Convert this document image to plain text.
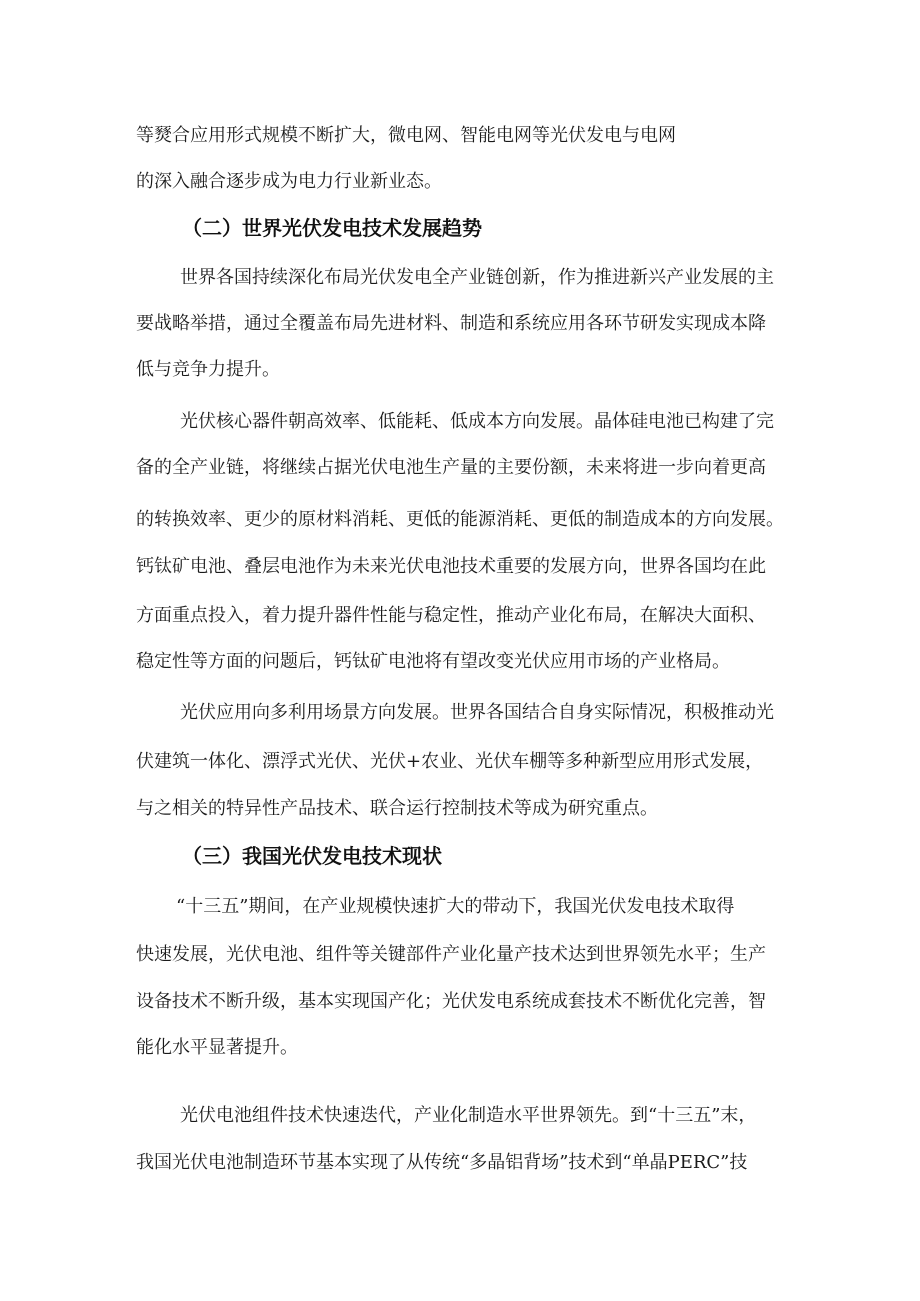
等燹合应用形式规模不断扩大，微电网、智能电网等光伏发电与电网
的深入融合逐步成为电力行业新业态。
（二）世界光伏发电技术发展趋势
世界各国持续深化布局光伏发电全产业链创新，作为推进新兴产业发展的主
要战略举措，通过全覆盖布局先进材料、制造和系统应用各环节研发实现成本降
低与竞争力提升。
光伏核心器件朝高效率、低能耗、低成本方向发展。晶体硅电池已构建了完
备的全产业链，将继续占据光伏电池生产量的主要份额，未来将进一步向着更高
的转换效率、更少的原材料消耗、更低的能源消耗、更低的制造成本的方向发展。
钙钛矿电池、叠层电池作为未来光伏电池技术重要的发展方向，世界各国均在此
方面重点投入，着力提升器件性能与稳定性，推动产业化布局，在解决大面积、
稳定性等方面的问题后，钙钛矿电池将有望改变光伏应用市场的产业格局。
光伏应用向多利用场景方向发展。世界各国结合自身实际情况，积极推动光
伏建筑一体化、漂浮式光伏、光伏+农业、光伏车棚等多种新型应用形式发展，
与之相关的特异性产品技术、联合运行控制技术等成为研究重点。
（三）我国光伏发电技术现状
“十三五”期间，在产业规模快速扩大的带动下，我国光伏发电技术取得
快速发展，光伏电池、组件等关键部件产业化量产技术达到世界领先水平；生产
设备技术不断升级，基本实现国产化；光伏发电系统成套技术不断优化完善，智
能化水平显著提升。
光伏电池组件技术快速迭代，产业化制造水平世界领先。到“十三五”末，
我国光伏电池制造环节基本实现了从传统“多晶铝背场”技术到“单晶PERC”技
